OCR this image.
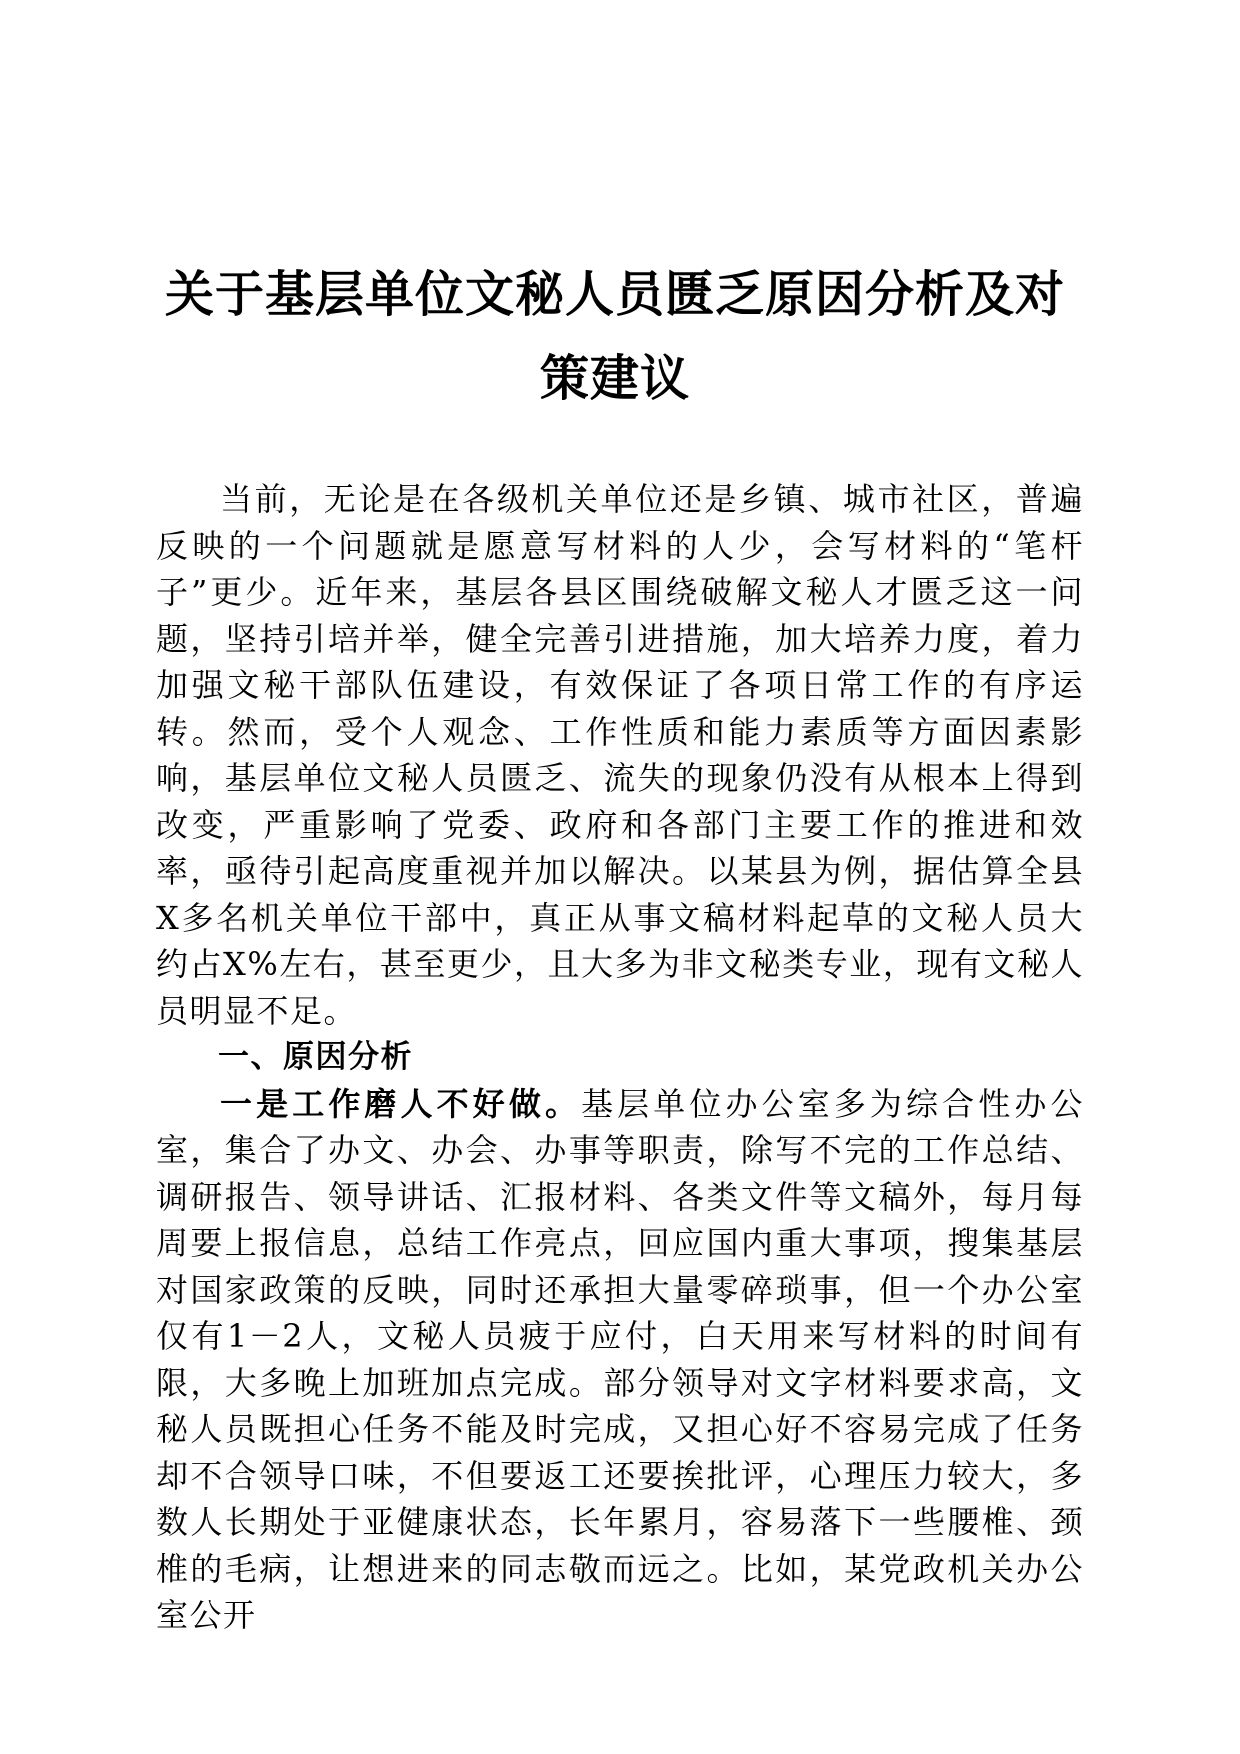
关于基层单位文秘人员匮乏原因分析及对策建议

当前，无论是在各级机关单位还是乡镇、城市社区，普遍反映的一个问题就是愿意写材料的人少，会写材料的“笔杆子”更少。近年来，基层各县区围绕破解文秘人才匮乏这一问题，坚持引培并举，健全完善引进措施，加大培养力度，着力加强文秘干部队伍建设，有效保证了各项日常工作的有序运转。然而，受个人观念、工作性质和能力素质等方面因素影响，基层单位文秘人员匮乏、流失的现象仍没有从根本上得到改变，严重影响了党委、政府和各部门主要工作的推进和效率，亟待引起高度重视并加以解决。以某县为例，据估算全县X多名机关单位干部中，真正从事文稿材料起草的文秘人员大约占X%左右，甚至更少，且大多为非文秘类专业，现有文秘人员明显不足。

一、原因分析

一是工作磨人不好做。基层单位办公室多为综合性办公室，集合了办文、办会、办事等职责，除写不完的工作总结、调研报告、领导讲话、汇报材料、各类文件等文稿外，每月每周要上报信息，总结工作亮点，回应国内重大事项，搜集基层对国家政策的反映，同时还承担大量零碎琐事，但一个办公室仅有1－2人，文秘人员疲于应付，白天用来写材料的时间有限，大多晚上加班加点完成。部分领导对文字材料要求高，文秘人员既担心任务不能及时完成，又担心好不容易完成了任务却不合领导口味，不但要返工还要挨批评，心理压力较大，多数人长期处于亚健康状态，长年累月，容易落下一些腰椎、颈椎的毛病，让想进来的同志敬而远之。比如，某党政机关办公室公开
